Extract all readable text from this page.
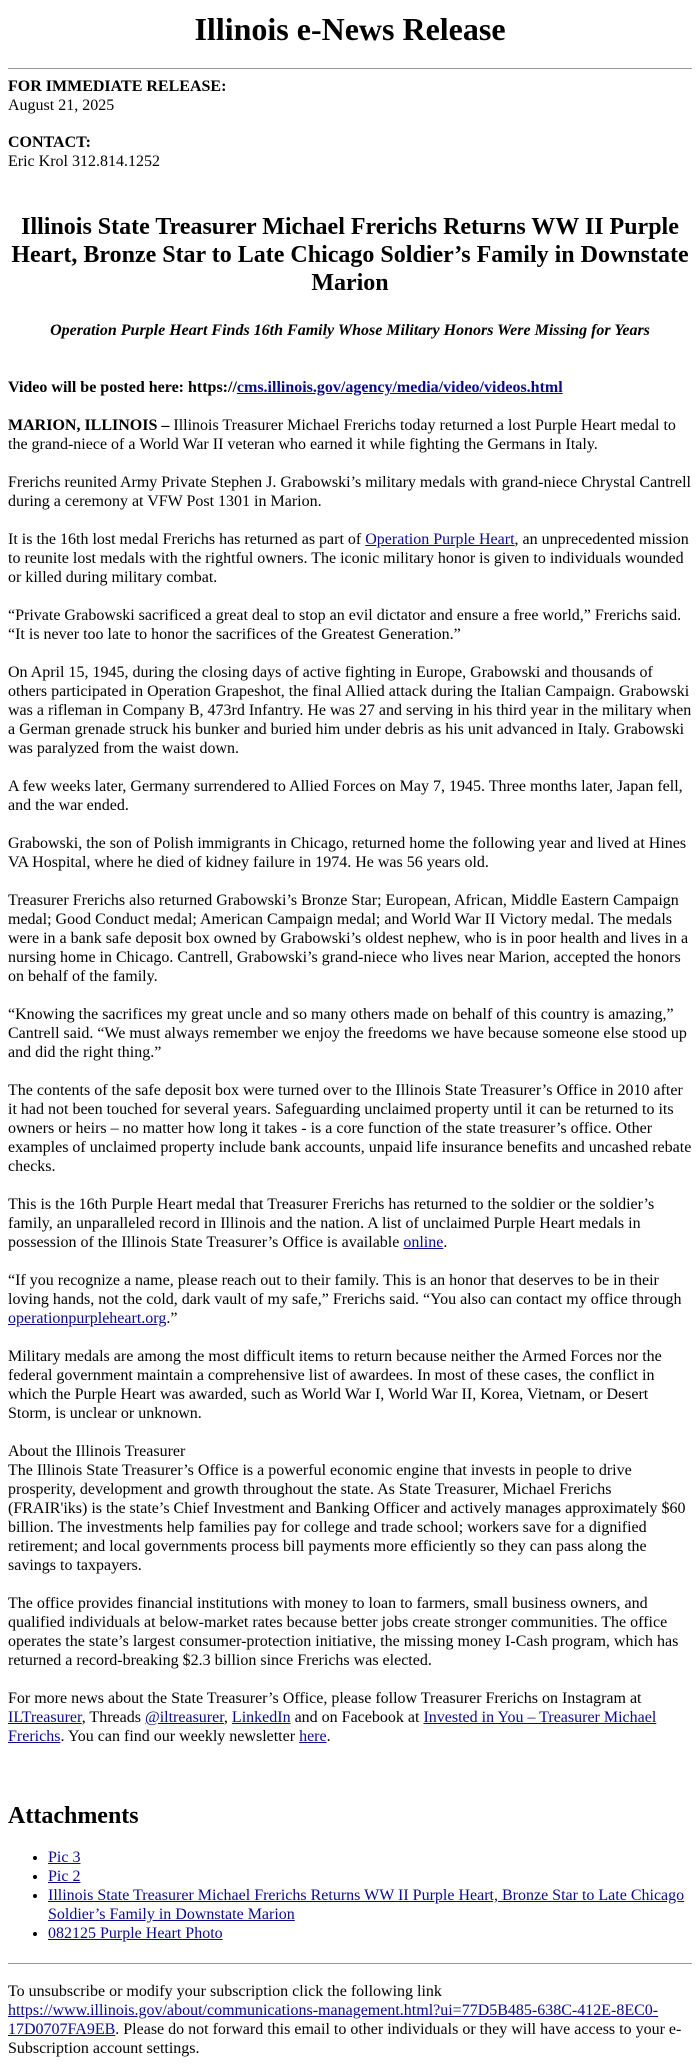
Illinois e-News Release
FOR IMMEDIATE RELEASE:
August 21, 2025
CONTACT:
Eric Krol 312.814.1252
Illinois State Treasurer Michael Frerichs Returns WW II Purple Heart, Bronze Star to Late Chicago Soldier’s Family in Downstate Marion
Operation Purple Heart Finds 16th Family Whose Military Honors Were Missing for Years

Video will be posted here: https://cms.illinois.gov/agency/media/video/videos.html

MARION, ILLINOIS – Illinois Treasurer Michael Frerichs today returned a lost Purple Heart medal to the grand-niece of a World War II veteran who earned it while fighting the Germans in Italy.

Frerichs reunited Army Private Stephen J. Grabowski’s military medals with grand-niece Chrystal Cantrell during a ceremony at VFW Post 1301 in Marion.

It is the 16th lost medal Frerichs has returned as part of Operation Purple Heart, an unprecedented mission to reunite lost medals with the rightful owners. The iconic military honor is given to individuals wounded or killed during military combat.

“Private Grabowski sacrificed a great deal to stop an evil dictator and ensure a free world,” Frerichs said. “It is never too late to honor the sacrifices of the Greatest Generation.”

On April 15, 1945, during the closing days of active fighting in Europe, Grabowski and thousands of others participated in Operation Grapeshot, the final Allied attack during the Italian Campaign. Grabowski was a rifleman in Company B, 473rd Infantry. He was 27 and serving in his third year in the military when a German grenade struck his bunker and buried him under debris as his unit advanced in Italy. Grabowski was paralyzed from the waist down.

A few weeks later, Germany surrendered to Allied Forces on May 7, 1945. Three months later, Japan fell, and the war ended.

Grabowski, the son of Polish immigrants in Chicago, returned home the following year and lived at Hines VA Hospital, where he died of kidney failure in 1974. He was 56 years old.

Treasurer Frerichs also returned Grabowski’s Bronze Star; European, African, Middle Eastern Campaign medal; Good Conduct medal; American Campaign medal; and World War II Victory medal. The medals were in a bank safe deposit box owned by Grabowski’s oldest nephew, who is in poor health and lives in a nursing home in Chicago. Cantrell, Grabowski’s grand-niece who lives near Marion, accepted the honors on behalf of the family.

“Knowing the sacrifices my great uncle and so many others made on behalf of this country is amazing,” Cantrell said. “We must always remember we enjoy the freedoms we have because someone else stood up and did the right thing.”

The contents of the safe deposit box were turned over to the Illinois State Treasurer’s Office in 2010 after it had not been touched for several years. Safeguarding unclaimed property until it can be returned to its owners or heirs – no matter how long it takes - is a core function of the state treasurer’s office. Other examples of unclaimed property include bank accounts, unpaid life insurance benefits and uncashed rebate checks.

This is the 16th Purple Heart medal that Treasurer Frerichs has returned to the soldier or the soldier’s family, an unparalleled record in Illinois and the nation. A list of unclaimed Purple Heart medals in possession of the Illinois State Treasurer’s Office is available online.

“If you recognize a name, please reach out to their family. This is an honor that deserves to be in their loving hands, not the cold, dark vault of my safe,” Frerichs said. “You also can contact my office through operationpurpleheart.org.”

Military medals are among the most difficult items to return because neither the Armed Forces nor the federal government maintain a comprehensive list of awardees. In most of these cases, the conflict in which the Purple Heart was awarded, such as World War I, World War II, Korea, Vietnam, or Desert Storm, is unclear or unknown.

About the Illinois Treasurer
The Illinois State Treasurer’s Office is a powerful economic engine that invests in people to drive prosperity, development and growth throughout the state. As State Treasurer, Michael Frerichs (FRAIR'iks) is the state’s Chief Investment and Banking Officer and actively manages approximately $60 billion. The investments help families pay for college and trade school; workers save for a dignified retirement; and local governments process bill payments more efficiently so they can pass along the savings to taxpayers.

The office provides financial institutions with money to loan to farmers, small business owners, and qualified individuals at below-market rates because better jobs create stronger communities. The office operates the state’s largest consumer-protection initiative, the missing money I-Cash program, which has returned a record-breaking $2.3 billion since Frerichs was elected.

For more news about the State Treasurer’s Office, please follow Treasurer Frerichs on Instagram at ILTreasurer, Threads @iltreasurer, LinkedIn and on Facebook at Invested in You – Treasurer Michael Frerichs. You can find our weekly newsletter here.

Attachments
• Pic 3
• Pic 2
• Illinois State Treasurer Michael Frerichs Returns WW II Purple Heart, Bronze Star to Late Chicago Soldier’s Family in Downstate Marion
• 082125 Purple Heart Photo

To unsubscribe or modify your subscription click the following link https://www.illinois.gov/about/communications-management.html?ui=77D5B485-638C-412E-8EC0-17D0707FA9EB. Please do not forward this email to other individuals or they will have access to your e-Subscription account settings.
